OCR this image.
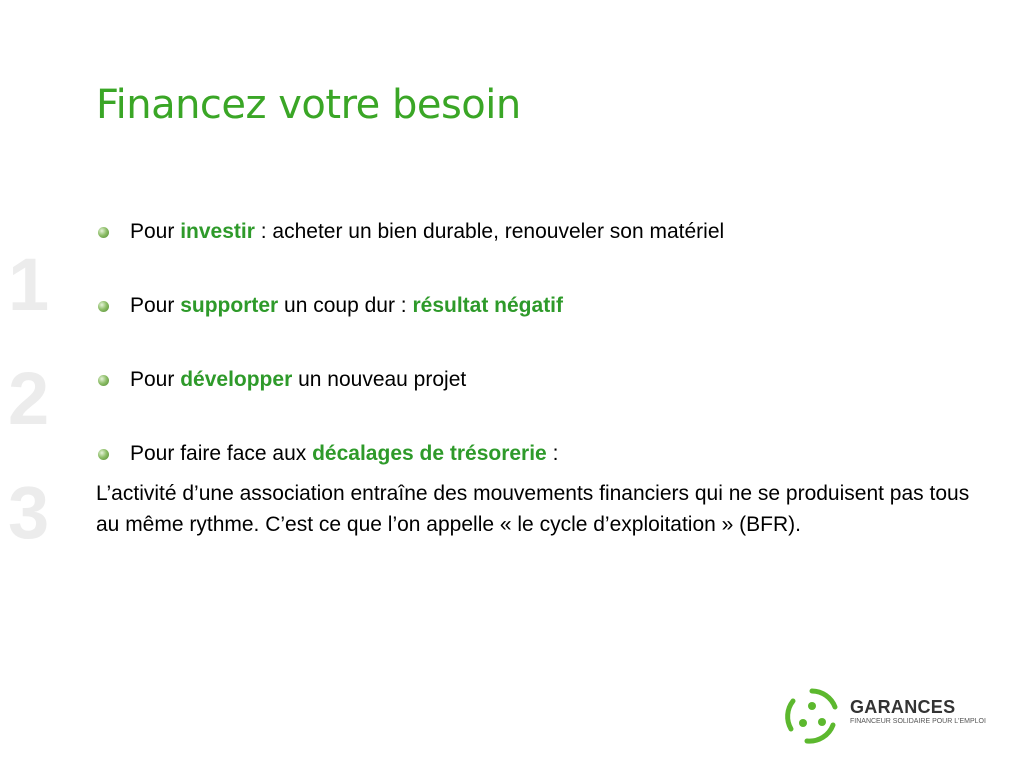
Financez votre besoin
1
2
3
Pour investir : acheter un bien durable, renouveler son matériel
Pour supporter un coup dur : résultat négatif
Pour développer un nouveau projet
Pour faire face aux décalages de trésorerie :
L’activité d’une association entraîne des mouvements financiers qui ne se produisent pas tous au même rythme. C’est ce que l’on appelle « le cycle d’exploitation » (BFR).
GARANCES
FINANCEUR SOLIDAIRE POUR L'EMPLOI
